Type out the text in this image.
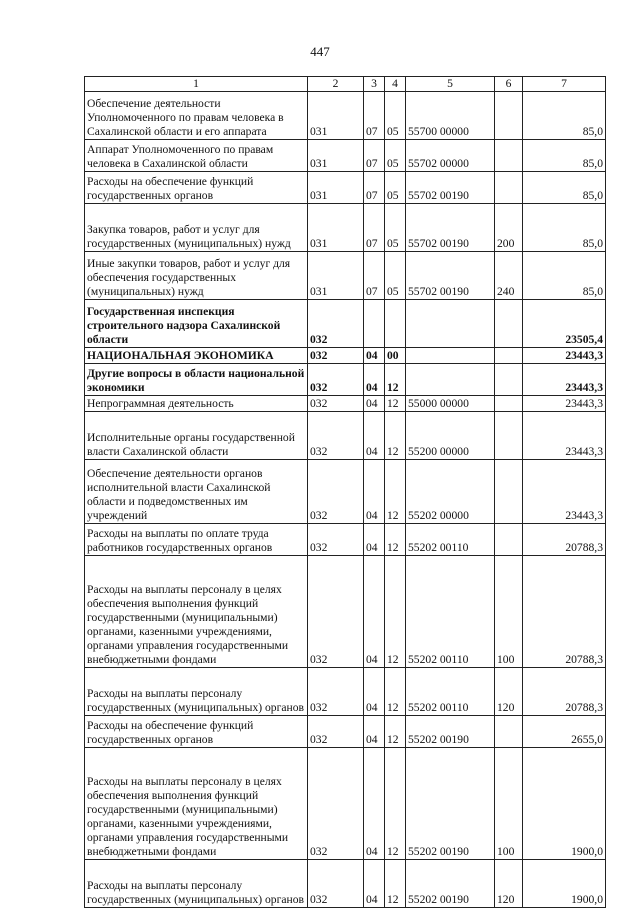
447
1	2	3	4	5	6	7
Обеспечение деятельности Уполномоченного по правам человека в Сахалинской области и его аппарата	031	07	05	55700 00000		85,0
Аппарат Уполномоченного по правам человека в Сахалинской области	031	07	05	55702 00000		85,0
Расходы на обеспечение функций государственных органов	031	07	05	55702 00190		85,0
Закупка товаров, работ и услуг для государственных (муниципальных) нужд	031	07	05	55702 00190	200	85,0
Иные закупки товаров, работ и услуг для обеспечения государственных (муниципальных) нужд	031	07	05	55702 00190	240	85,0
Государственная инспекция строительного надзора Сахалинской области	032					23505,4
НАЦИОНАЛЬНАЯ ЭКОНОМИКА	032	04	00			23443,3
Другие вопросы в области национальной экономики	032	04	12			23443,3
Непрограммная деятельность	032	04	12	55000 00000		23443,3
Исполнительные органы государственной власти Сахалинской области	032	04	12	55200 00000		23443,3
Обеспечение деятельности органов исполнительной власти Сахалинской области и подведомственных им учреждений	032	04	12	55202 00000		23443,3
Расходы на выплаты по оплате труда работников государственных органов	032	04	12	55202 00110		20788,3
Расходы на выплаты персоналу в целях обеспечения выполнения функций государственными (муниципальными) органами, казенными учреждениями, органами управления государственными внебюджетными фондами	032	04	12	55202 00110	100	20788,3
Расходы на выплаты персоналу государственных (муниципальных) органов	032	04	12	55202 00110	120	20788,3
Расходы на обеспечение функций государственных органов	032	04	12	55202 00190		2655,0
Расходы на выплаты персоналу в целях обеспечения выполнения функций государственными (муниципальными) органами, казенными учреждениями, органами управления государственными внебюджетными фондами	032	04	12	55202 00190	100	1900,0
Расходы на выплаты персоналу государственных (муниципальных) органов	032	04	12	55202 00190	120	1900,0
